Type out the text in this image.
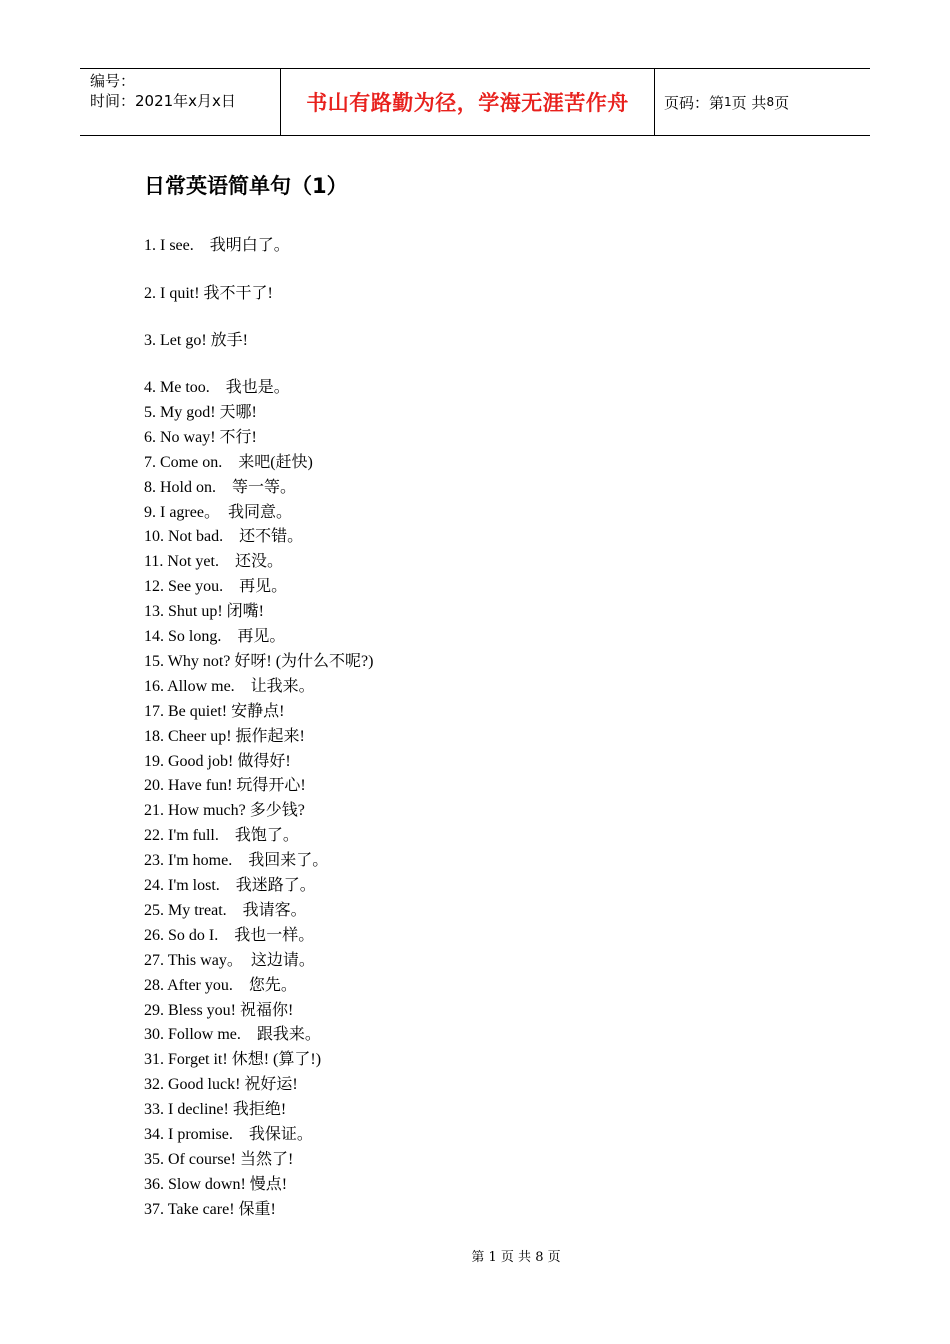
编号：
时间：2021年x月x日	书山有路勤为径，学海无涯苦作舟 页码：第 1 页 共 8 页
日常英语简单句（1）
1. I see.    我明白了。
2. I quit! 我不干了!
3. Let go! 放手!
4. Me too.    我也是。
5. My god! 天哪!
6. No way! 不行!
7. Come on.    来吧(赶快)
8. Hold on.    等一等。
9. I agree。  我同意。
10. Not bad.    还不错。
11. Not yet.    还没。
12. See you.    再见。
13. Shut up! 闭嘴!
14. So long.    再见。
15. Why not? 好呀! (为什么不呢?)
16. Allow me.    让我来。
17. Be quiet! 安静点!
18. Cheer up! 振作起来!
19. Good job! 做得好!
20. Have fun! 玩得开心!
21. How much? 多少钱?
22. I'm full.    我饱了。
23. I'm home.    我回来了。
24. I'm lost.    我迷路了。
25. My treat.    我请客。
26. So do I.    我也一样。
27. This way。  这边请。
28. After you.    您先。
29. Bless you! 祝福你!
30. Follow me.    跟我来。
31. Forget it! 休想! (算了!)
32. Good luck! 祝好运!
33. I decline! 我拒绝!
34. I promise.    我保证。
35. Of course! 当然了!
36. Slow down! 慢点!
37. Take care! 保重!
第 1 页 共 8 页
